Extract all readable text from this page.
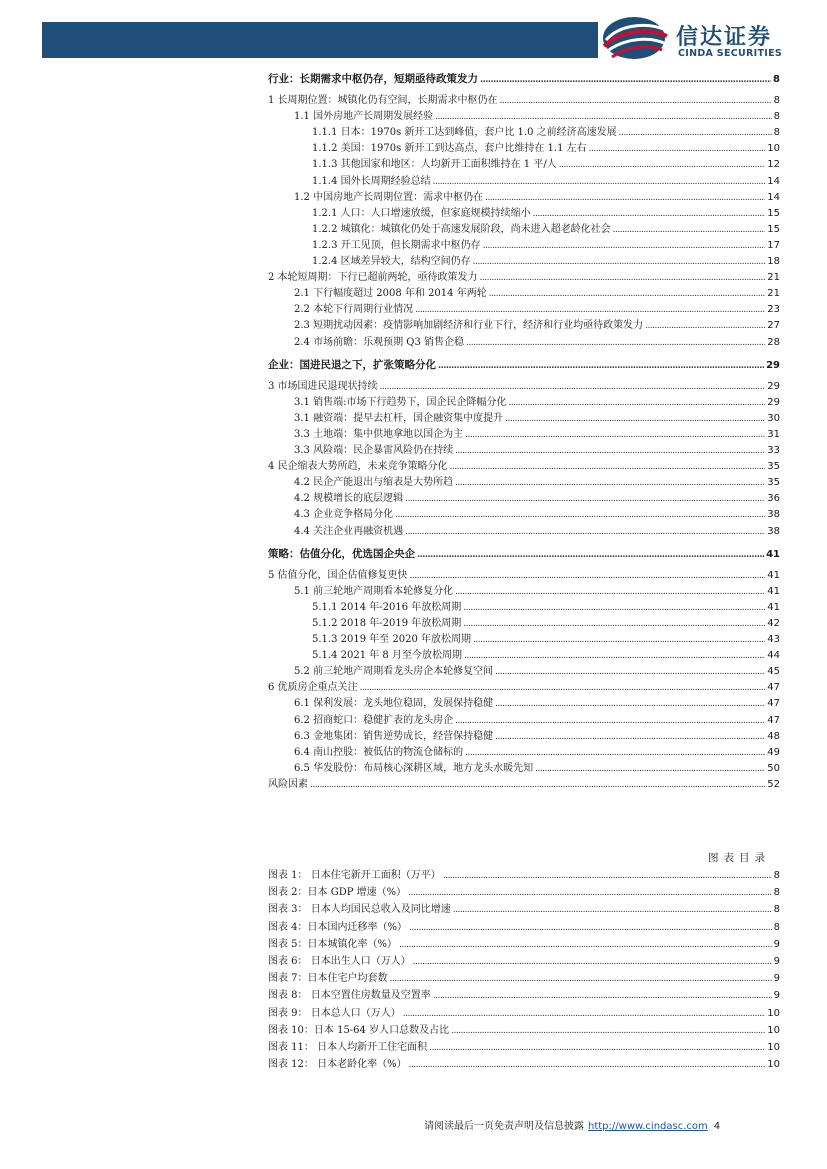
信达证券
CINDA SECURITIES
行业：长期需求中枢仍存，短期亟待政策发力 .....	8
1 长周期位置：城镇化仍有空间，长期需求中枢仍在 .....	8
1.1 国外房地产长周期发展经验 .....	8
1.1.1 日本：1970s 新开工达到峰值，套户比 1.0 之前经济高速发展 .....	8
1.1.2 美国：1970s 新开工到达高点，套户比维持在 1.1 左右 .....	10
1.1.3 其他国家和地区：人均新开工面积维持在 1 平/人 .....	12
1.1.4 国外长周期经验总结 .....	14
1.2 中国房地产长周期位置：需求中枢仍在 .....	14
1.2.1 人口：人口增速放缓，但家庭规模持续缩小 .....	15
1.2.2 城镇化：城镇化仍处于高速发展阶段，尚未进入超老龄化社会 .....	15
1.2.3 开工见顶，但长期需求中枢仍存 .....	17
1.2.4 区域差异较大，结构空间仍存 .....	18
2 本轮短周期：下行已超前两轮，亟待政策发力 .....	21
2.1 下行幅度超过 2008 年和 2014 年两轮 .....	21
2.2 本轮下行周期行业情况 .....	23
2.3 短期扰动因素：疫情影响加剧经济和行业下行，经济和行业均亟待政策发力 .....	27
2.4 市场前瞻：乐观预期 Q3 销售企稳 .....	28
企业：国进民退之下，扩张策略分化 .....	29
3 市场国进民退现状持续 .....	29
3.1 销售端:市场下行趋势下，国企民企降幅分化 .....	29
3.1 融资端：提早去杠杆，国企融资集中度提升 .....	30
3.3 土地端：集中供地拿地以国企为主 .....	31
3.3 风险端：民企暴雷风险仍在持续 .....	33
4 民企缩表大势所趋，未来竞争策略分化 .....	35
4.2 民企产能退出与缩表是大势所趋 .....	35
4.2 规模增长的底层逻辑 .....	36
4.3 企业竞争格局分化 .....	38
4.4 关注企业再融资机遇 .....	38
策略：估值分化，优选国企央企 .....	41
5 估值分化，国企估值修复更快 .....	41
5.1 前三轮地产周期看本轮修复分化 .....	41
5.1.1 2014 年-2016 年放松周期 .....	41
5.1.2 2018 年-2019 年放松周期 .....	42
5.1.3 2019 年至 2020 年放松周期 .....	43
5.1.4 2021 年 8 月至今放松周期 .....	44
5.2 前三轮地产周期看龙头房企本轮修复空间 .....	45
6 优质房企重点关注 .....	47
6.1 保利发展：龙头地位稳固，发展保持稳健 .....	47
6.2 招商蛇口：稳健扩表的龙头房企 .....	47
6.3 金地集团：销售逆势成长，经营保持稳健 .....	48
6.4 南山控股：被低估的物流仓储标的 .....	49
6.5 华发股份：布局核心深耕区域，地方龙头水暖先知 .....	50
风险因素 .....	52
图表目录
图表 1： 日本住宅新开工面积（万平） .....	8
图表 2：日本 GDP 增速（%） .....	8
图表 3： 日本人均国民总收入及同比增速 .....	8
图表 4：日本国内迁移率（%） .....	8
图表 5：日本城镇化率（%） .....	9
图表 6： 日本出生人口（万人） .....	9
图表 7：日本住宅户均套数 .....	9
图表 8： 日本空置住房数量及空置率 .....	9
图表 9： 日本总人口（万人） .....	10
图表 10：日本 15-64 岁人口总数及占比 .....	10
图表 11： 日本人均新开工住宅面积 .....	10
图表 12： 日本老龄化率（%） .....	10
请阅读最后一页免责声明及信息披露 http://www.cindasc.com 4
